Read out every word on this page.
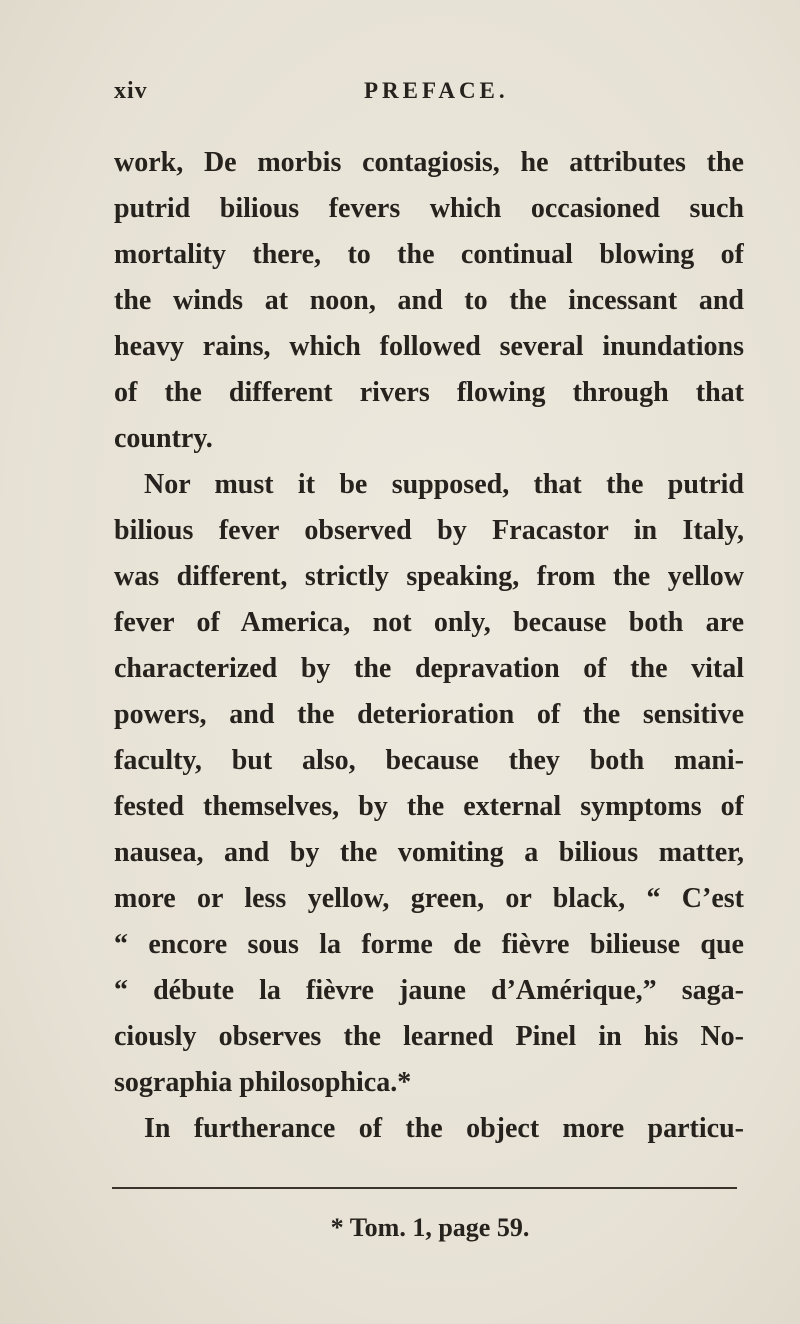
xiv	PREFACE.
work, De morbis contagiosis, he attributes the
putrid bilious fevers which occasioned such
mortality there, to the continual blowing of
the winds at noon, and to the incessant and
heavy rains, which followed several inundations
of the different rivers flowing through that
country.
Nor must it be supposed, that the putrid
bilious fever observed by Fracastor in Italy,
was different, strictly speaking, from the yellow
fever of America, not only, because both are
characterized by the depravation of the vital
powers, and the deterioration of the sensitive
faculty, but also, because they both mani-
fested themselves, by the external symptoms of
nausea, and by the vomiting a bilious matter,
more or less yellow, green, or black, “ C’est
“ encore sous la forme de fièvre bilieuse que
“ débute la fièvre jaune d’Amérique,” saga-
ciously observes the learned Pinel in his No-
sographia philosophica.*
In furtherance of the object more particu-
* Tom. 1, page 59.
